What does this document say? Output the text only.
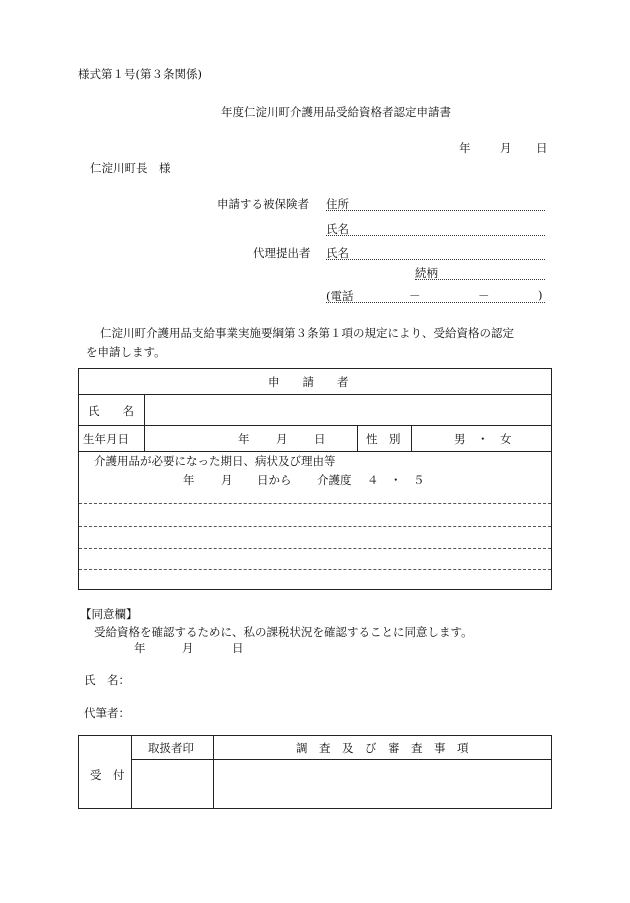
様式第１号(第３条関係)
年度仁淀川町介護用品受給資格者認定申請書
年	月 日
仁淀川町長　様
申請する被保険者 住所
氏名
代理提出者 氏名
続柄
(電話	－	－	)
仁淀川町介護用品支給事業実施要綱第３条第１項の規定により、受給資格の認定
を申請します。
申　　請　　者
氏　　名
生年月日	年 月 日	性　別	男　・　女
介護用品が必要になった期日、病状及び理由等
年 月 日から 介護度 ４　・　５
【同意欄】
受給資格を確認するために、私の課税状況を確認することに同意します。
年	月	日
氏　名：
代筆者：
受　付
取扱者印	調　査　及　び　審　査　事　項
